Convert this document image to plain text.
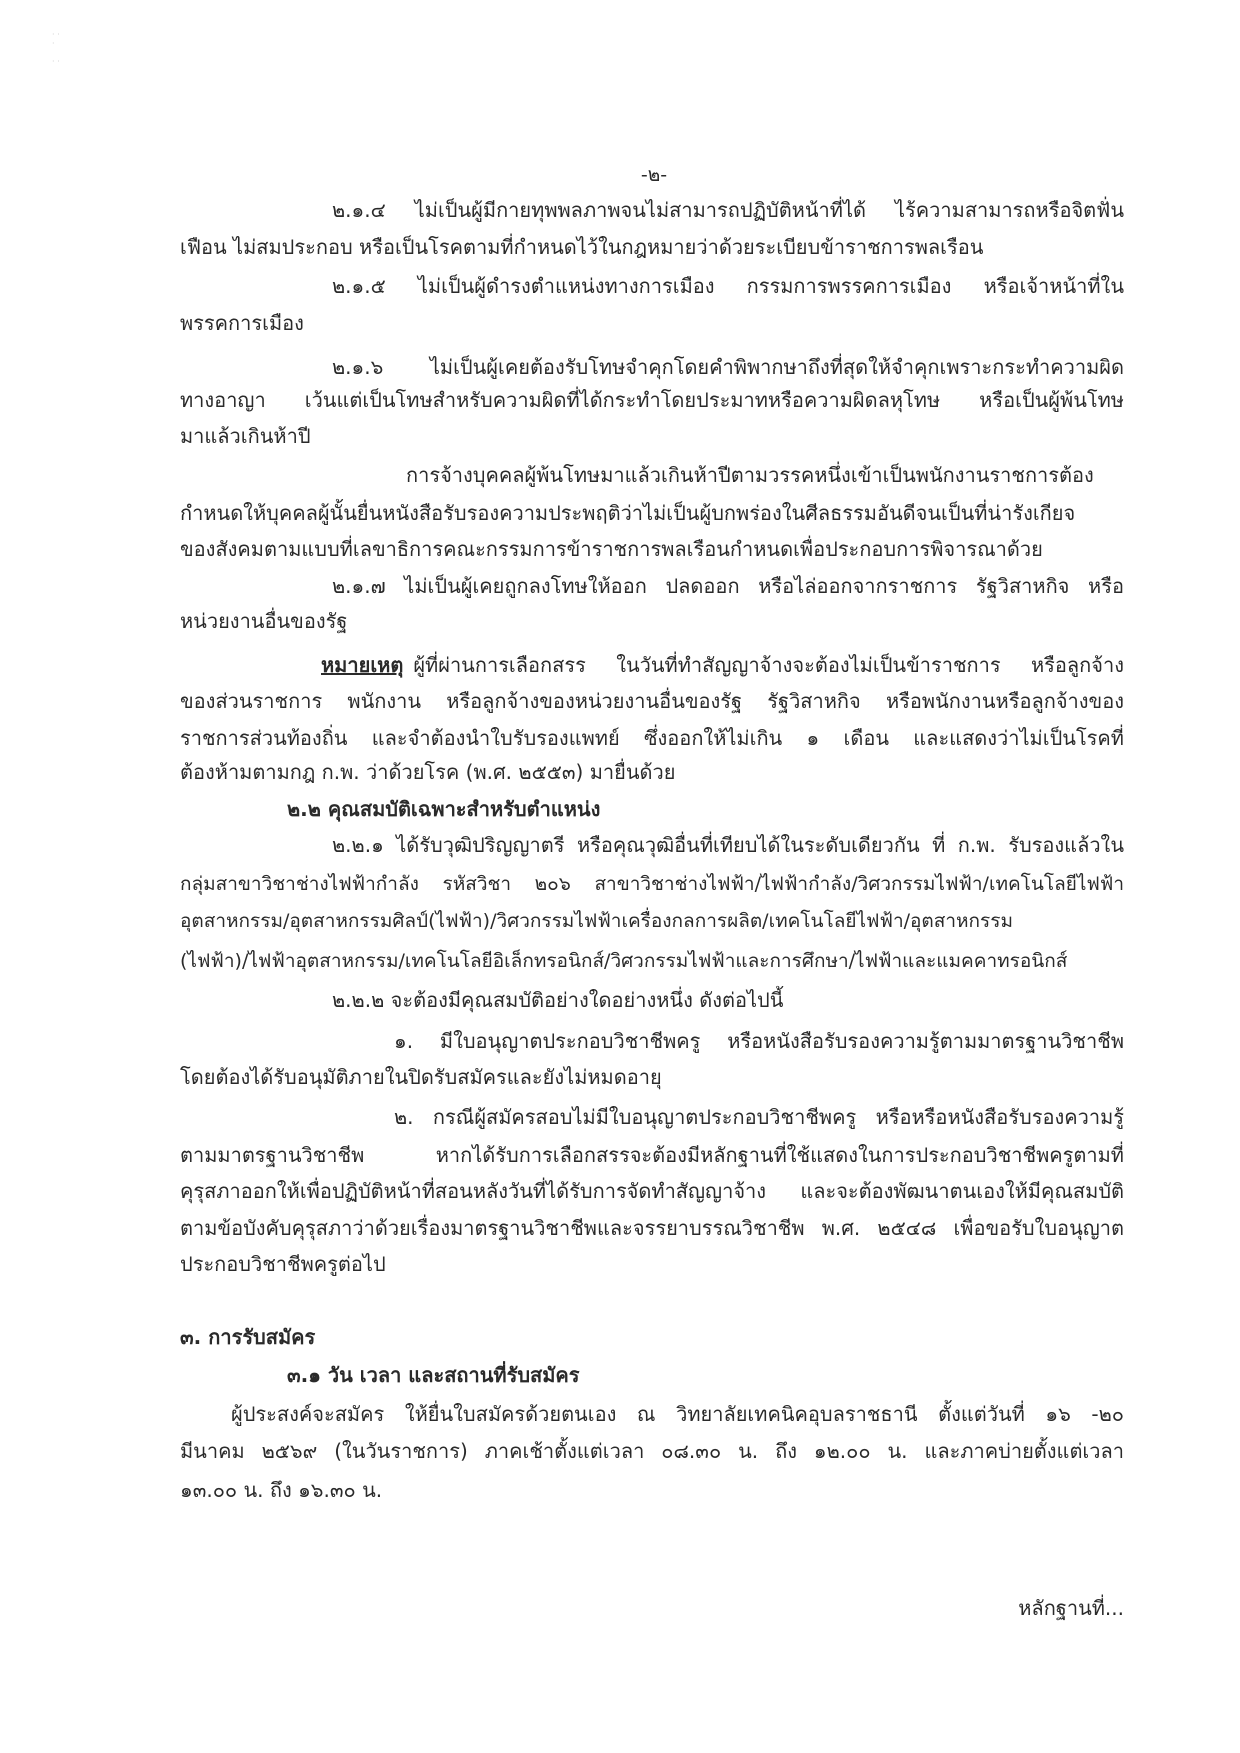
· ·
·

· ·
-๒-
๒.๑.๔ ไม่เป็นผู้มีกายทุพพลภาพจนไม่สามารถปฏิบัติหน้าที่ได้ ไร้ความสามารถหรือจิตฟั่น
เฟือน ไม่สมประกอบ หรือเป็นโรคตามที่กำหนดไว้ในกฎหมายว่าด้วยระเบียบข้าราชการพลเรือน
๒.๑.๕ ไม่เป็นผู้ดำรงตำแหน่งทางการเมือง กรรมการพรรคการเมือง หรือเจ้าหน้าที่ใน
พรรคการเมือง
๒.๑.๖ ไม่เป็นผู้เคยต้องรับโทษจำคุกโดยคำพิพากษาถึงที่สุดให้จำคุกเพราะกระทำความผิด
ทางอาญา เว้นแต่เป็นโทษสำหรับความผิดที่ได้กระทำโดยประมาทหรือความผิดลหุโทษ หรือเป็นผู้พ้นโทษ
มาแล้วเกินห้าปี
การจ้างบุคคลผู้พ้นโทษมาแล้วเกินห้าปีตามวรรคหนึ่งเข้าเป็นพนักงานราชการต้อง
กำหนดให้บุคคลผู้นั้นยื่นหนังสือรับรองความประพฤติว่าไม่เป็นผู้บกพร่องในศีลธรรมอันดีจนเป็นที่น่ารังเกียจ
ของสังคมตามแบบที่เลขาธิการคณะกรรมการข้าราชการพลเรือนกำหนดเพื่อประกอบการพิจารณาด้วย
๒.๑.๗ ไม่เป็นผู้เคยถูกลงโทษให้ออก ปลดออก หรือไล่ออกจากราชการ รัฐวิสาหกิจ หรือ
หน่วยงานอื่นของรัฐ
หมายเหตุ ผู้ที่ผ่านการเลือกสรร ในวันที่ทำสัญญาจ้างจะต้องไม่เป็นข้าราชการ หรือลูกจ้าง
ของส่วนราชการ พนักงาน หรือลูกจ้างของหน่วยงานอื่นของรัฐ รัฐวิสาหกิจ หรือพนักงานหรือลูกจ้างของ
ราชการส่วนท้องถิ่น และจำต้องนำใบรับรองแพทย์ ซึ่งออกให้ไม่เกิน ๑ เดือน และแสดงว่าไม่เป็นโรคที่
ต้องห้ามตามกฎ ก.พ. ว่าด้วยโรค (พ.ศ. ๒๕๕๓) มายื่นด้วย
๒.๒ คุณสมบัติเฉพาะสำหรับตำแหน่ง
๒.๒.๑ ได้รับวุฒิปริญญาตรี หรือคุณวุฒิอื่นที่เทียบได้ในระดับเดียวกัน ที่ ก.พ. รับรองแล้วใน
กลุ่มสาขาวิชาช่างไฟฟ้ากำลัง รหัสวิชา ๒๐๖ สาขาวิชาช่างไฟฟ้า/ไฟฟ้ากำลัง/วิศวกรรมไฟฟ้า/เทคโนโลยีไฟฟ้า
อุตสาหกรรม/อุตสาหกรรมศิลป์(ไฟฟ้า)/วิศวกรรมไฟฟ้าเครื่องกลการผลิต/เทคโนโลยีไฟฟ้า/อุตสาหกรรม
(ไฟฟ้า)/ไฟฟ้าอุตสาหกรรม/เทคโนโลยีอิเล็กทรอนิกส์/วิศวกรรมไฟฟ้าและการศึกษา/ไฟฟ้าและแมคคาทรอนิกส์
๒.๒.๒ จะต้องมีคุณสมบัติอย่างใดอย่างหนึ่ง ดังต่อไปนี้
๑. มีใบอนุญาตประกอบวิชาชีพครู หรือหนังสือรับรองความรู้ตามมาตรฐานวิชาชีพ
โดยต้องได้รับอนุมัติภายในปิดรับสมัครและยังไม่หมดอายุ
๒. กรณีผู้สมัครสอบไม่มีใบอนุญาตประกอบวิชาชีพครู หรือหรือหนังสือรับรองความรู้
ตามมาตรฐานวิชาชีพ หากได้รับการเลือกสรรจะต้องมีหลักฐานที่ใช้แสดงในการประกอบวิชาชีพครูตามที่
คุรุสภาออกให้เพื่อปฏิบัติหน้าที่สอนหลังวันที่ได้รับการจัดทำสัญญาจ้าง และจะต้องพัฒนาตนเองให้มีคุณสมบัติ
ตามข้อบังคับคุรุสภาว่าด้วยเรื่องมาตรฐานวิชาชีพและจรรยาบรรณวิชาชีพ พ.ศ. ๒๕๔๘ เพื่อขอรับใบอนุญาต
ประกอบวิชาชีพครูต่อไป
๓. การรับสมัคร
๓.๑ วัน เวลา และสถานที่รับสมัคร
ผู้ประสงค์จะสมัคร ให้ยื่นใบสมัครด้วยตนเอง ณ วิทยาลัยเทคนิคอุบลราชธานี ตั้งแต่วันที่ ๑๖ -๒๐
มีนาคม ๒๕๖๙ (ในวันราชการ) ภาคเช้าตั้งแต่เวลา ๐๘.๓๐ น. ถึง ๑๒.๐๐ น. และภาคบ่ายตั้งแต่เวลา
๑๓.๐๐ น. ถึง ๑๖.๓๐ น.
หลักฐานที่...
